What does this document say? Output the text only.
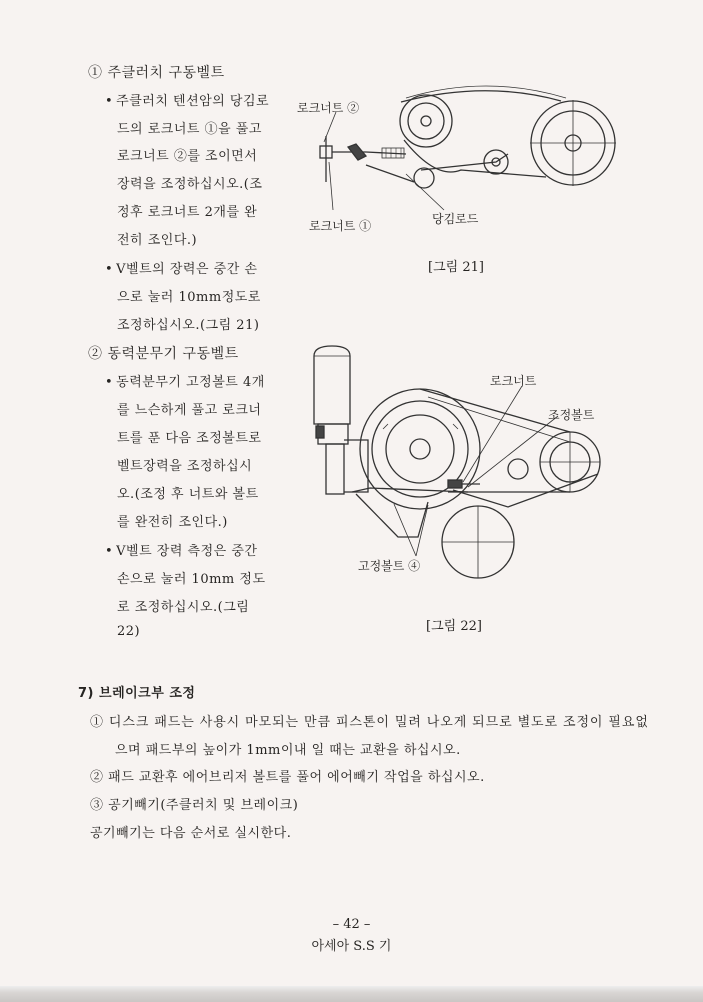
① 주클러치 구동벨트
• 주클러치 텐션암의 당김로
드의 로크너트 ①을 풀고
로크너트 ②를 조이면서
장력을 조정하십시오.(조
정후 로크너트 2개를 완
전히 조인다.)
• V벨트의 장력은 중간 손
으로 눌러 10mm정도로
조정하십시오.(그림 21)
② 동력분무기 구동벨트
• 동력분무기 고정볼트 4개
를 느슨하게 풀고 로크너
트를 푼 다음 조정볼트로
벨트장력을 조정하십시
오.(조정 후 너트와 볼트
를 완전히 조인다.)
• V벨트 장력 측정은 중간
손으로 눌러 10mm 정도
로 조정하십시오.(그림
22)
로크너트 ②
로크너트 ①	당김로드
[그림 21]
로크너트
조정볼트
고정볼트 ④
[그림 22]
7) 브레이크부 조정
① 디스크 패드는 사용시 마모되는 만큼 피스톤이 밀려 나오게 되므로 별도로 조정이 필요없
으며 패드부의 높이가 1mm이내 일 때는 교환을 하십시오.
② 패드 교환후 에어브리저 볼트를 풀어 에어빼기 작업을 하십시오.
③ 공기빼기(주클러치 및 브레이크)
공기빼기는 다음 순서로 실시한다.
– 42 –
아세아 S.S 기
